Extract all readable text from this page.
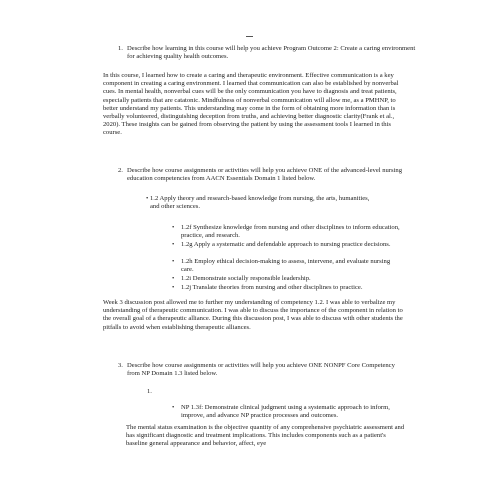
1. Describe how learning in this course will help you achieve Program Outcome 2: Create a caring environment for achieving quality health outcomes.

In this course, I learned how to create a caring and therapeutic environment. Effective communication is a key component in creating a caring environment. I learned that communication can also be established by nonverbal cues. In mental health, nonverbal cues will be the only communication you have to diagnosis and treat patients, especially patients that are catatonic. Mindfulness of nonverbal communication will allow me, as a PMHNP, to better understand my patients. This understanding may come in the form of obtaining more information than is verbally volunteered, distinguishing deception from truths, and achieving better diagnostic clarity(Frank et al., 2020). These insights can be gained from observing the patient by using the assessment tools I learned in this course.

2. Describe how course assignments or activities will help you achieve ONE of the advanced-level nursing education competencies from AACN Essentials Domain 1 listed below.

• 1.2 Apply theory and research-based knowledge from nursing, the arts, humanities, and other sciences.
•	1.2f Synthesize knowledge from nursing and other disciplines to inform education, practice, and research.
•	1.2g Apply a systematic and defendable approach to nursing practice decisions.
•	1.2h Employ ethical decision-making to assess, intervene, and evaluate nursing care.
•	1.2i Demonstrate socially responsible leadership.
•	1.2j Translate theories from nursing and other disciplines to practice.

Week 3 discussion post allowed me to further my understanding of competency 1.2. I was able to verbalize my understanding of therapeutic communication. I was able to discuss the importance of the component in relation to the overall goal of a therapeutic alliance. During this discussion post, I was able to discuss with other students the pitfalls to avoid when establishing therapeutic alliances.

3. Describe how course assignments or activities will help you achieve ONE NONPF Core Competency from NP Domain 1.3 listed below.

1.
•	NP 1.3f: Demonstrate clinical judgment using a systematic approach to inform, improve, and advance NP practice processes and outcomes.

The mental status examination is the objective quantity of any comprehensive psychiatric assessment and has significant diagnostic and treatment implications. This includes components such as a patient's baseline general appearance and behavior, affect, eye
